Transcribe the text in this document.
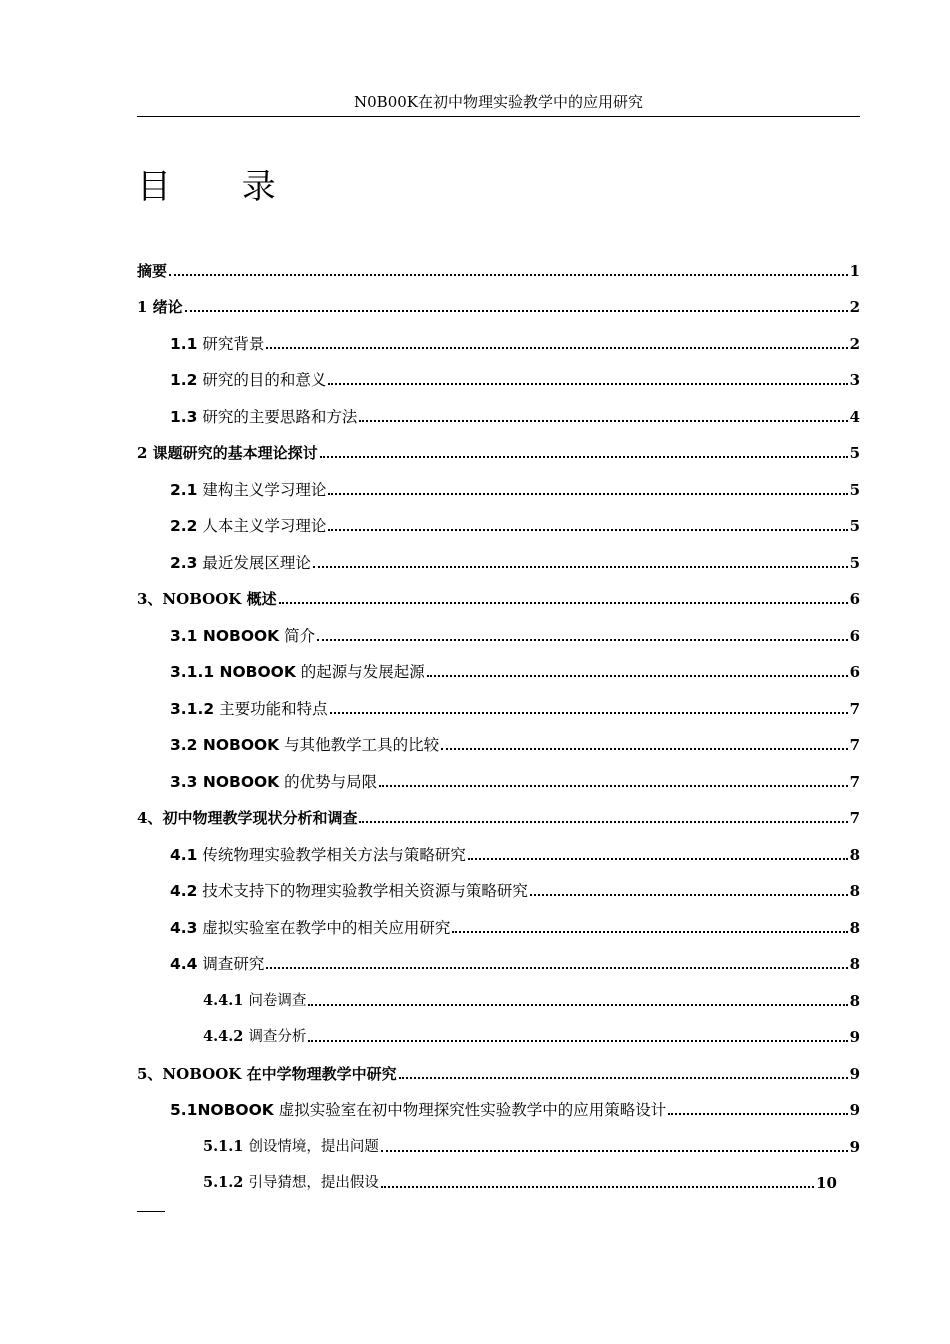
N0B00K在初中物理实验教学中的应用研究
目 录
摘要	1
1 绪论	2
1.1 研究背景	2
1.2 研究的目的和意义	3
1.3 研究的主要思路和方法	4
2 课题研究的基本理论探讨	5
2.1 建构主义学习理论	5
2.2 人本主义学习理论	5
2.3 最近发展区理论	5
3、NOBOOK 概述	6
3.1 NOBOOK 简介	6
3.1.1 NOBOOK 的起源与发展起源	6
3.1.2 主要功能和特点	7
3.2 NOBOOK 与其他教学工具的比较	7
3.3 NOBOOK 的优势与局限	7
4、初中物理教学现状分析和调查	7
4.1 传统物理实验教学相关方法与策略研究	8
4.2 技术支持下的物理实验教学相关资源与策略研究	8
4.3 虚拟实验室在教学中的相关应用研究	8
4.4 调查研究	8
4.4.1 问卷调查	8
4.4.2 调查分析	9
5、NOBOOK 在中学物理教学中研究	9
5.1NOBOOK 虚拟实验室在初中物理探究性实验教学中的应用策略设计	9
5.1.1 创设情境，提出问题	9
5.1.2 引导猜想，提出假设	10
